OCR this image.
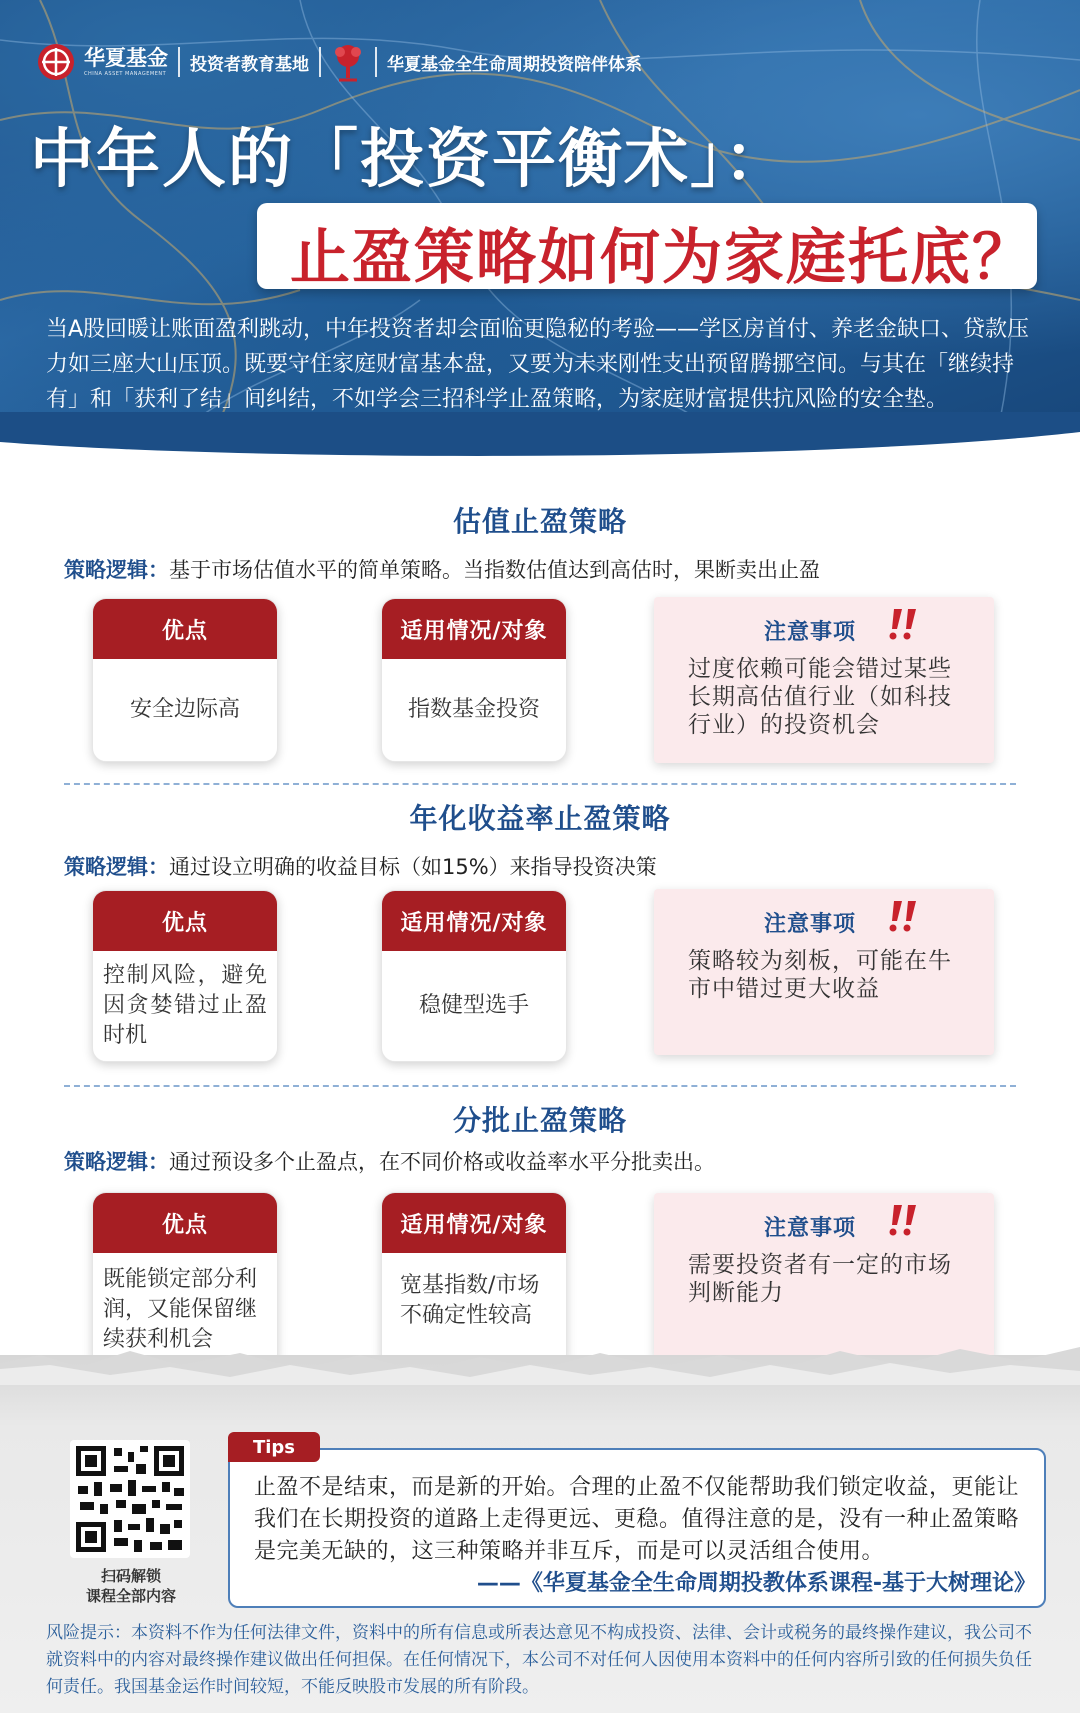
华夏基金
CHINA ASSET MANAGEMENT 投资者教育基地	华夏基金全生命周期投资陪伴体系
中年人的「投资平衡术」：
止盈策略如何为家庭托底？
当A股回暖让账面盈利跳动，中年投资者却会面临更隐秘的考验——学区房首付、养老金缺口、贷款压力如三座大山压顶。既要守住家庭财富基本盘，又要为未来刚性支出预留腾挪空间。与其在「继续持有」和「获利了结」间纠结，不如学会三招科学止盈策略，为家庭财富提供抗风险的安全垫。
估值止盈策略
策略逻辑：基于市场估值水平的简单策略。当指数估值达到高估时，果断卖出止盈
优点
安全边际高
适用情况/对象
指数基金投资
注意事项
过度依赖可能会错过某些长期高估值行业（如科技行业）的投资机会
年化收益率止盈策略
策略逻辑：通过设立明确的收益目标（如15%）来指导投资决策
优点
控制风险，避免因贪婪错过止盈时机
适用情况/对象
稳健型选手
注意事项
策略较为刻板，可能在牛市中错过更大收益
分批止盈策略
策略逻辑：通过预设多个止盈点，在不同价格或收益率水平分批卖出。
优点
既能锁定部分利润，又能保留继续获利机会
适用情况/对象
宽基指数/市场不确定性较高
注意事项
需要投资者有一定的市场判断能力
扫码解锁
课程全部内容
Tips
止盈不是结束，而是新的开始。合理的止盈不仅能帮助我们锁定收益，更能让我们在长期投资的道路上走得更远、更稳。值得注意的是，没有一种止盈策略是完美无缺的，这三种策略并非互斥，而是可以灵活组合使用。
——《华夏基金全生命周期投教体系课程-基于大树理论》
风险提示：本资料不作为任何法律文件，资料中的所有信息或所表达意见不构成投资、法律、会计或税务的最终操作建议，我公司不就资料中的内容对最终操作建议做出任何担保。在任何情况下，本公司不对任何人因使用本资料中的任何内容所引致的任何损失负任何责任。我国基金运作时间较短，不能反映股市发展的所有阶段。
